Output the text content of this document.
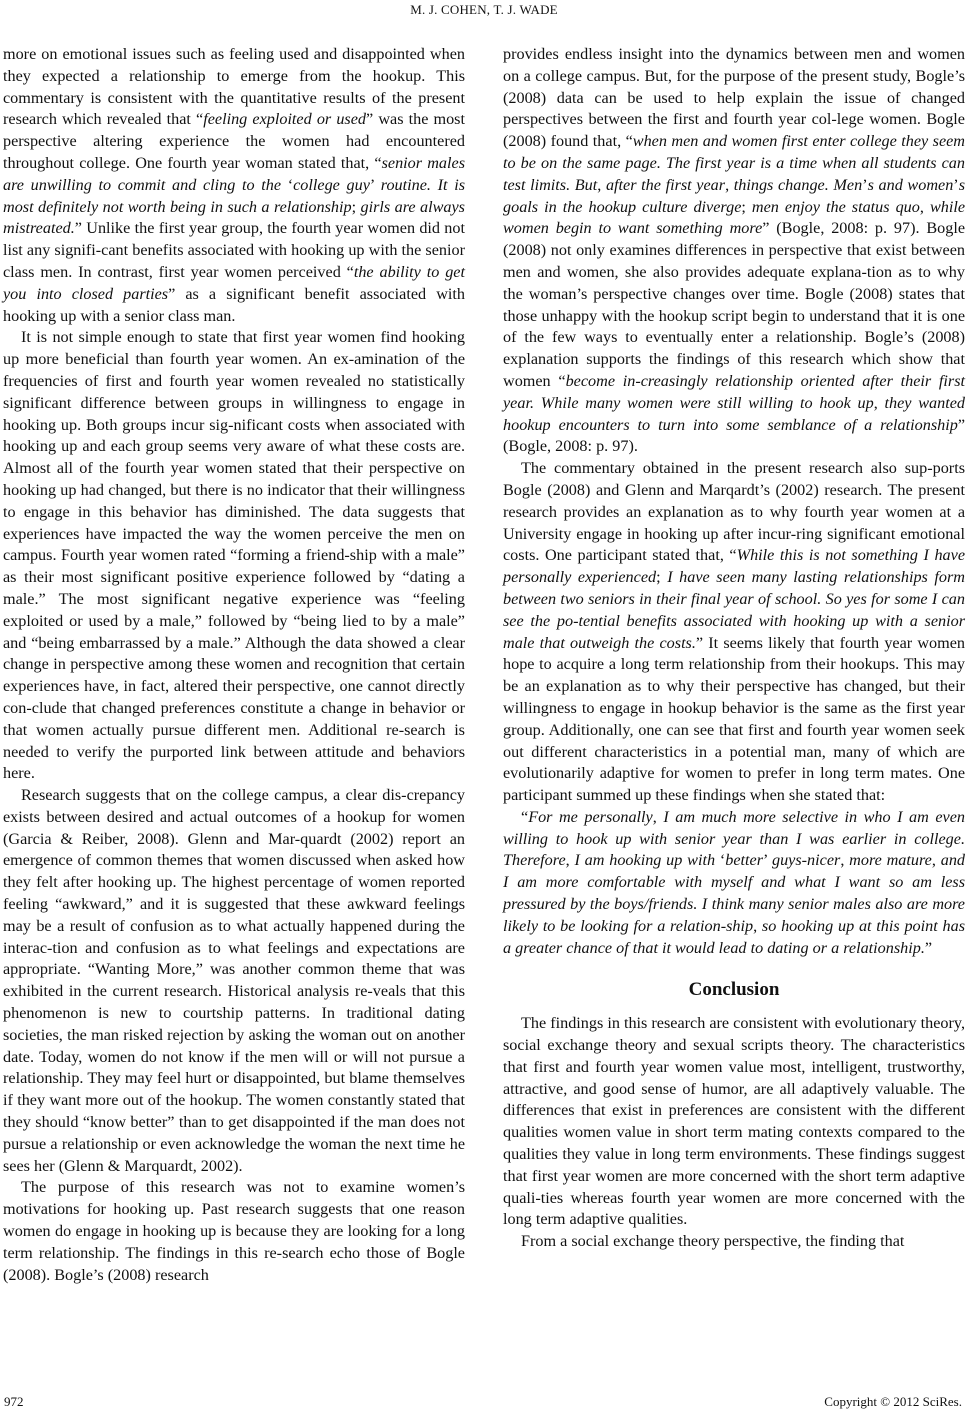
M. J. COHEN, T. J. WADE

more on emotional issues such as feeling used and disappointed when they expected a relationship to emerge from the hookup. This commentary is consistent with the quantitative results of the present research which revealed that “feeling exploited or used” was the most perspective altering experience the women had encountered throughout college. One fourth year woman stated that, “senior males are unwilling to commit and cling to the ‘college guy’ routine. It is most definitely not worth being in such a relationship; girls are always mistreated.” Unlike the first year group, the fourth year women did not list any signifi-cant benefits associated with hooking up with the senior class men. In contrast, first year women perceived “the ability to get you into closed parties” as a significant benefit associated with hooking up with a senior class man.

It is not simple enough to state that first year women find hooking up more beneficial than fourth year women. An ex-amination of the frequencies of first and fourth year women revealed no statistically significant difference between groups in willingness to engage in hooking up. Both groups incur sig-nificant costs when associated with hooking up and each group seems very aware of what these costs are. Almost all of the fourth year women stated that their perspective on hooking up had changed, but there is no indicator that their willingness to engage in this behavior has diminished. The data suggests that experiences have impacted the way the women perceive the men on campus. Fourth year women rated “forming a friend-ship with a male” as their most significant positive experience followed by “dating a male.” The most significant negative experience was “feeling exploited or used by a male,” followed by “being lied to by a male” and “being embarrassed by a male.” Although the data showed a clear change in perspective among these women and recognition that certain experiences have, in fact, altered their perspective, one cannot directly con-clude that changed preferences constitute a change in behavior or that women actually pursue different men. Additional re-search is needed to verify the purported link between attitude and behaviors here.

Research suggests that on the college campus, a clear dis-crepancy exists between desired and actual outcomes of a hookup for women (Garcia & Reiber, 2008). Glenn and Mar-quardt (2002) report an emergence of common themes that women discussed when asked how they felt after hooking up. The highest percentage of women reported feeling “awkward,” and it is suggested that these awkward feelings may be a result of confusion as to what actually happened during the interac-tion and confusion as to what feelings and expectations are appropriate. “Wanting More,” was another common theme that was exhibited in the current research. Historical analysis re-veals that this phenomenon is new to courtship patterns. In traditional dating societies, the man risked rejection by asking the woman out on another date. Today, women do not know if the men will or will not pursue a relationship. They may feel hurt or disappointed, but blame themselves if they want more out of the hookup. The women constantly stated that they should “know better” than to get disappointed if the man does not pursue a relationship or even acknowledge the woman the next time he sees her (Glenn & Marquardt, 2002).

The purpose of this research was not to examine women’s motivations for hooking up. Past research suggests that one reason women do engage in hooking up is because they are looking for a long term relationship. The findings in this re-search echo those of Bogle (2008). Bogle’s (2008) research

provides endless insight into the dynamics between men and women on a college campus. But, for the purpose of the present study, Bogle’s (2008) data can be used to help explain the issue of changed perspectives between the first and fourth year col-lege women. Bogle (2008) found that, “when men and women first enter college they seem to be on the same page. The first year is a time when all students can test limits. But, after the first year, things change. Men’s and women’s goals in the hookup culture diverge; men enjoy the status quo, while women begin to want something more” (Bogle, 2008: p. 97). Bogle (2008) not only examines differences in perspective that exist between men and women, she also provides adequate explana-tion as to why the woman’s perspective changes over time. Bogle (2008) states that those unhappy with the hookup script begin to understand that it is one of the few ways to eventually enter a relationship. Bogle’s (2008) explanation supports the findings of this research which show that women “become in-creasingly relationship oriented after their first year. While many women were still willing to hook up, they wanted hookup encounters to turn into some semblance of a relationship” (Bogle, 2008: p. 97).

The commentary obtained in the present research also sup-ports Bogle (2008) and Glenn and Marqardt’s (2002) research. The present research provides an explanation as to why fourth year women at a University engage in hooking up after incur-ring significant emotional costs. One participant stated that, “While this is not something I have personally experienced; I have seen many lasting relationships form between two seniors in their final year of school. So yes for some I can see the po-tential benefits associated with hooking up with a senior male that outweigh the costs.” It seems likely that fourth year women hope to acquire a long term relationship from their hookups. This may be an explanation as to why their perspective has changed, but their willingness to engage in hookup behavior is the same as the first year group. Additionally, one can see that first and fourth year women seek out different characteristics in a potential man, many of which are evolutionarily adaptive for women to prefer in long term mates. One participant summed up these findings when she stated that:

“For me personally, I am much more selective in who I am even willing to hook up with senior year than I was earlier in college. Therefore, I am hooking up with ‘better’ guys-nicer, more mature, and I am more comfortable with myself and what I want so am less pressured by the boys/friends. I think many senior males also are more likely to be looking for a relation-ship, so hooking up at this point has a greater chance of that it would lead to dating or a relationship.”

Conclusion

The findings in this research are consistent with evolutionary theory, social exchange theory and sexual scripts theory. The characteristics that first and fourth year women value most, intelligent, trustworthy, attractive, and good sense of humor, are all adaptively valuable. The differences that exist in preferences are consistent with the different qualities women value in short term mating contexts compared to the qualities they value in long term environments. These findings suggest that first year women are more concerned with the short term adaptive quali-ties whereas fourth year women are more concerned with the long term adaptive qualities.

From a social exchange theory perspective, the finding that

972	Copyright © 2012 SciRes.
